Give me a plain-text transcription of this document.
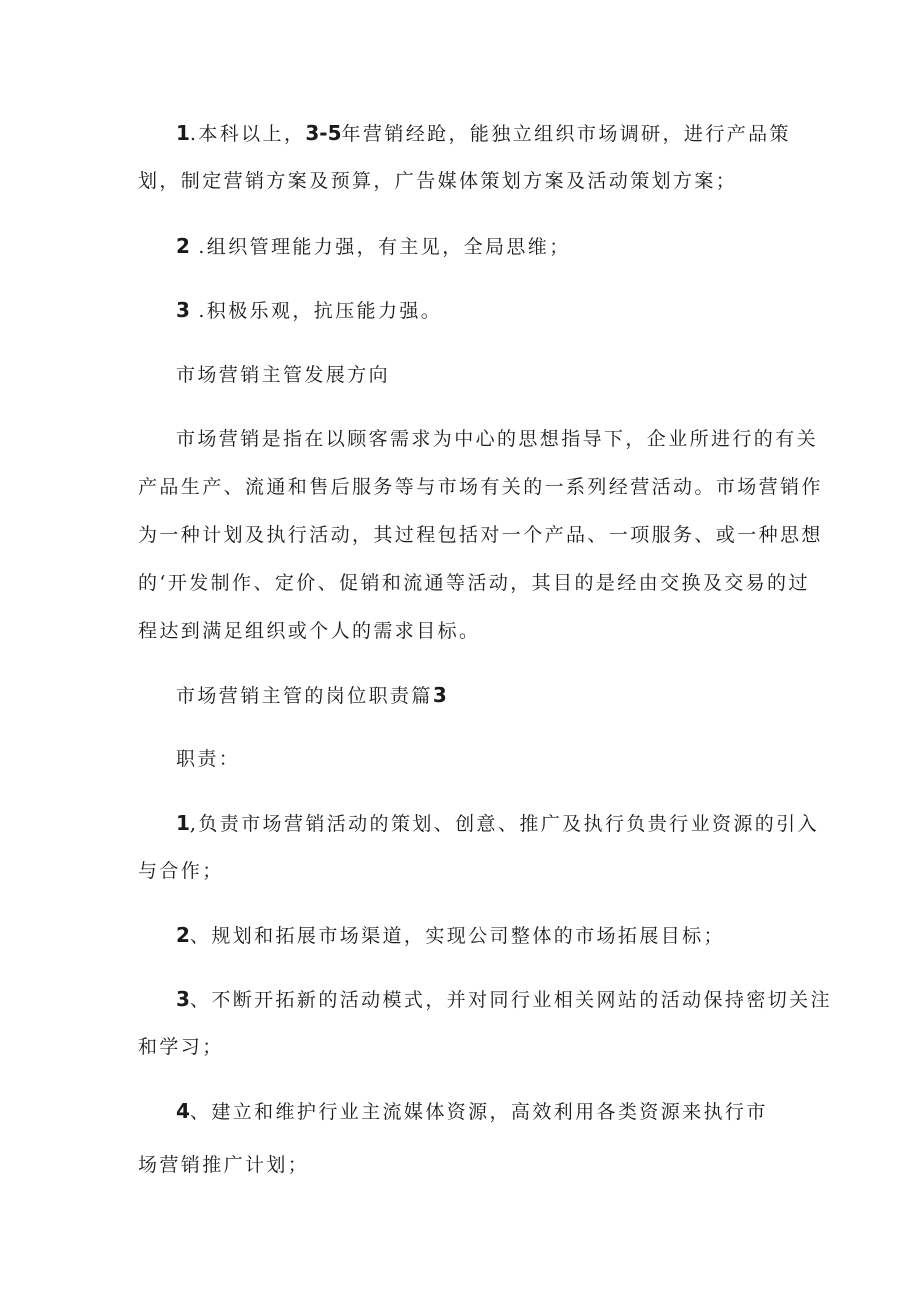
1.本科以上，3-5年营销经跄，能独立组织市场调研，进行产品策
划，制定营销方案及预算，广告媒体策划方案及活动策划方案；
2 .组织管理能力强，有主见，全局思维；
3 .积极乐观，抗压能力强。
市场营销主管发展方向
市场营销是指在以顾客需求为中心的思想指导下，企业所进行的有关
产品生产、流通和售后服务等与市场有关的一系列经营活动。市场营销作
为一种计划及执行活动，其过程包括对一个产品、一项服务、或一种思想
的‘开发制作、定价、促销和流通等活动，其目的是经由交换及交易的过
程达到满足组织或个人的需求目标。
市场营销主管的岗位职责篇3
职责：
1,负责市场营销活动的策划、创意、推广及执行负贵行业资源的引入
与合作；
2、规划和拓展市场渠道，实现公司整体的市场拓展目标；
3、不断开拓新的活动模式，并对同行业相关网站的活动保持密切关注
和学习；
4、建立和维护行业主流媒体资源，高效利用各类资源来执行市
场营销推广计划；
